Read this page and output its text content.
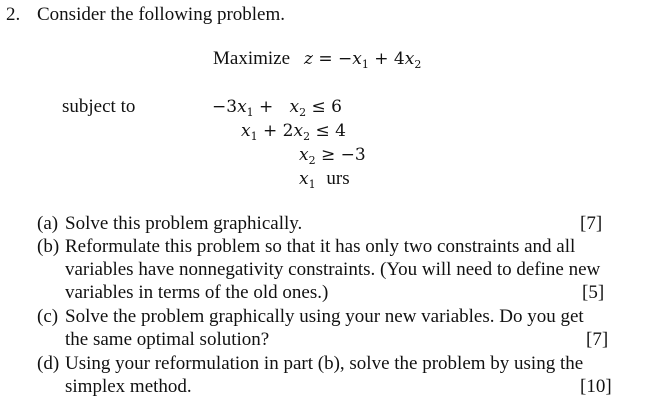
2. Consider the following problem.
Maximize $z = -x_1 + 4x_2$
subject to	$-3x_1 + x_2 \le 6$
$x_1 + 2x_2 \le 4$
$x_2 \ge -3$
$x_1$ urs
(a) Solve this problem graphically.	[7]
(b) Reformulate this problem so that it has only two constraints and all
variables have nonnegativity constraints. (You will need to define new
variables in terms of the old ones.)	[5]
(c) Solve the problem graphically using your new variables. Do you get
the same optimal solution?	[7]
(d) Using your reformulation in part (b), solve the problem by using the
simplex method.	[10]
